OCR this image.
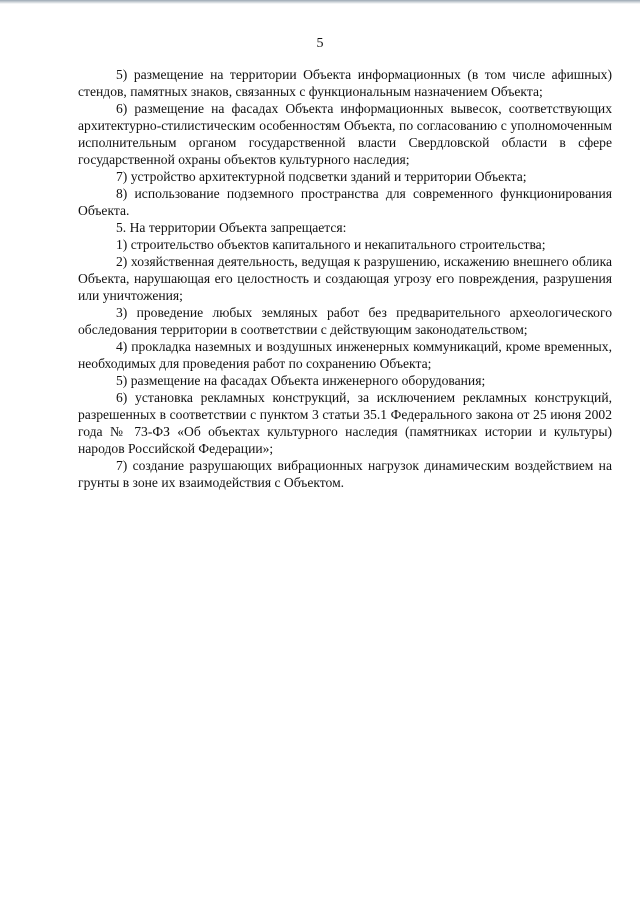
5

5) размещение на территории Объекта информационных (в том числе афишных) стендов, памятных знаков, связанных с функциональным назначением Объекта;

6) размещение на фасадах Объекта информационных вывесок, соответствующих архитектурно-стилистическим особенностям Объекта, по согласованию с уполномоченным исполнительным органом государственной власти Свердловской области в сфере государственной охраны объектов культурного наследия;

7) устройство архитектурной подсветки зданий и территории Объекта;

8) использование подземного пространства для современного функционирования Объекта.

5. На территории Объекта запрещается:

1) строительство объектов капитального и некапитального строительства;

2) хозяйственная деятельность, ведущая к разрушению, искажению внешнего облика Объекта, нарушающая его целостность и создающая угрозу его повреждения, разрушения или уничтожения;

3) проведение любых земляных работ без предварительного археологического обследования территории в соответствии с действующим законодательством;

4) прокладка наземных и воздушных инженерных коммуникаций, кроме временных, необходимых для проведения работ по сохранению Объекта;

5) размещение на фасадах Объекта инженерного оборудования;

6) установка рекламных конструкций, за исключением рекламных конструкций, разрешенных в соответствии с пунктом 3 статьи 35.1 Федерального закона от 25 июня 2002 года № 73-ФЗ «Об объектах культурного наследия (памятниках истории и культуры) народов Российской Федерации»;

7) создание разрушающих вибрационных нагрузок динамическим воздействием на грунты в зоне их взаимодействия с Объектом.
